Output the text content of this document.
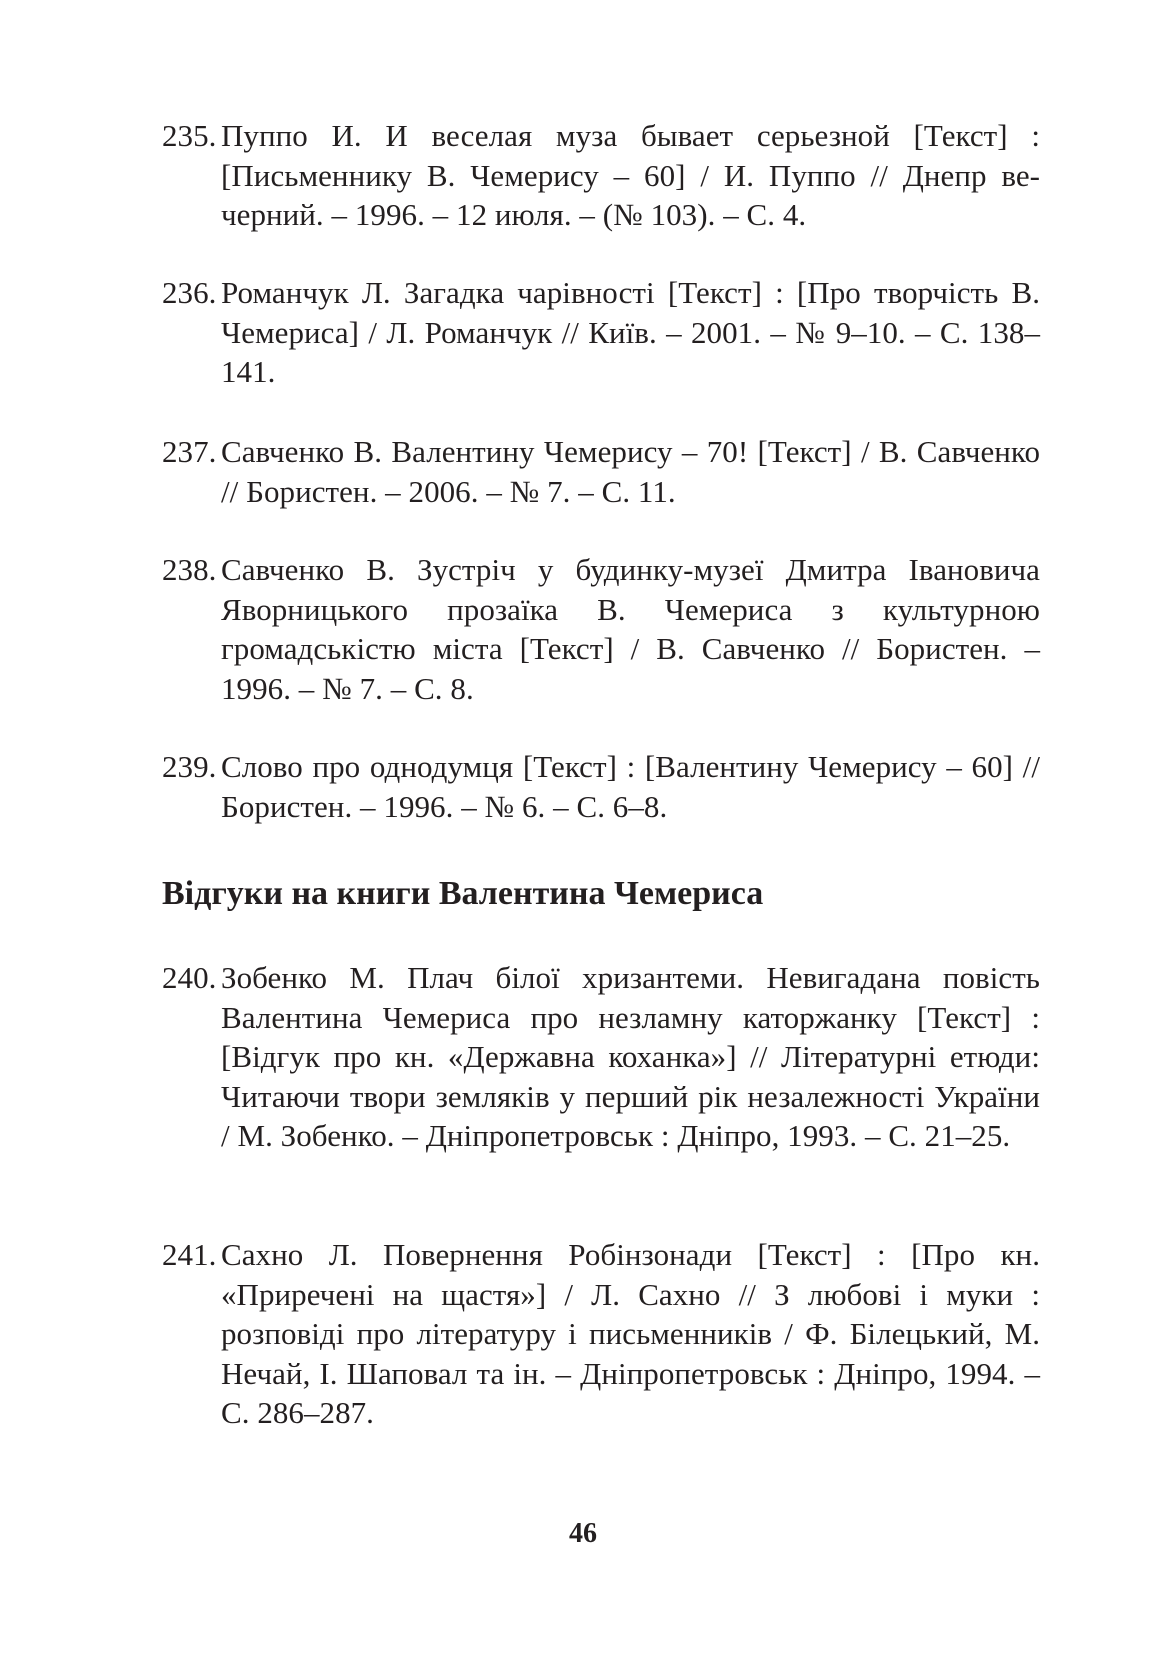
235. Пуппо И. И веселая муза бывает серьезной [Текст] : [Письменнику В. Чемерису – 60] / И. Пуппо // Днепр вечерний. – 1996. – 12 июля. – (№ 103). – С. 4.

236. Романчук Л. Загадка чарівності [Текст] : [Про творчість В. Чемериса] / Л. Романчук // Київ. – 2001. – № 9–10. – С. 138–141.

237. Савченко В. Валентину Чемерису – 70! [Текст] / В. Савченко // Бористен. – 2006. – № 7. – С. 11.

238. Савченко В. Зустріч у будинку-музеї Дмитра Івановича Яворницького прозаїка В. Чемериса з культурною громадськістю міста [Текст] / В. Савченко // Бористен. – 1996. – № 7. – С. 8.

239. Слово про однодумця [Текст] : [Валентину Чемерису – 60] // Бористен. – 1996. – № 6. – С. 6–8.

Відгуки на книги Валентина Чемериса

240. Зобенко М. Плач білої хризантеми. Невигадана повість Валентина Чемериса про незламну каторжанку [Текст] : [Відгук про кн. «Державна коханка»] // Літературні етюди: Читаючи твори земляків у перший рік незалежності України / М. Зобенко. – Дніпропетровськ : Дніпро, 1993. – С. 21–25.

241. Сахно Л. Повернення Робінзонади [Текст] : [Про кн. «Приречені на щастя»] / Л. Сахно // З любові і муки : розповіді про літературу і письменників / Ф. Білецький, М. Нечай, І. Шаповал та ін. – Дніпропетровськ : Дніпро, 1994. – С. 286–287.

46
